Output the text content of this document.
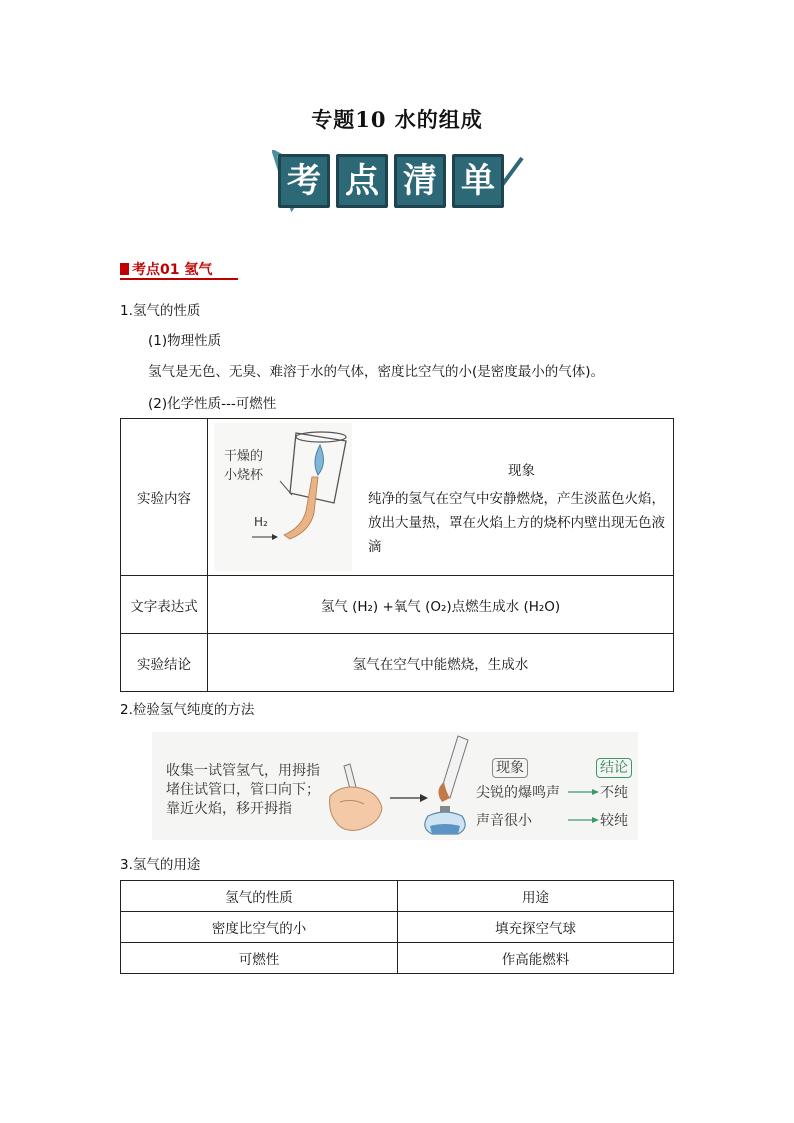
专题10 水的组成
考 点 清 单
考点01 氢气
1.氢气的性质
(1)物理性质
氢气是无色、无臭、难溶于水的气体，密度比空气的小(是密度最小的气体)。
(2)化学性质---可燃性
实验内容	干燥的
小烧杯
H₂
现象
纯净的氢气在空气中安静燃烧，产生淡蓝色火焰，放出大量热，罩在火焰上方的烧杯内壁出现无色液滴

文字表达式	氢气 (H₂) +氧气 (O₂)点燃生成水 (H₂O)
实验结论	氢气在空气中能燃烧，生成水
2.检验氢气纯度的方法
收集一试管氢气，用拇指
堵住试管口，管口向下；
靠近火焰，移开拇指
现象	结论
尖锐的爆鸣声	不纯
声音很小	较纯
3.氢气的用途
氢气的性质	用途
密度比空气的小	填充探空气球
可燃性	作高能燃料
